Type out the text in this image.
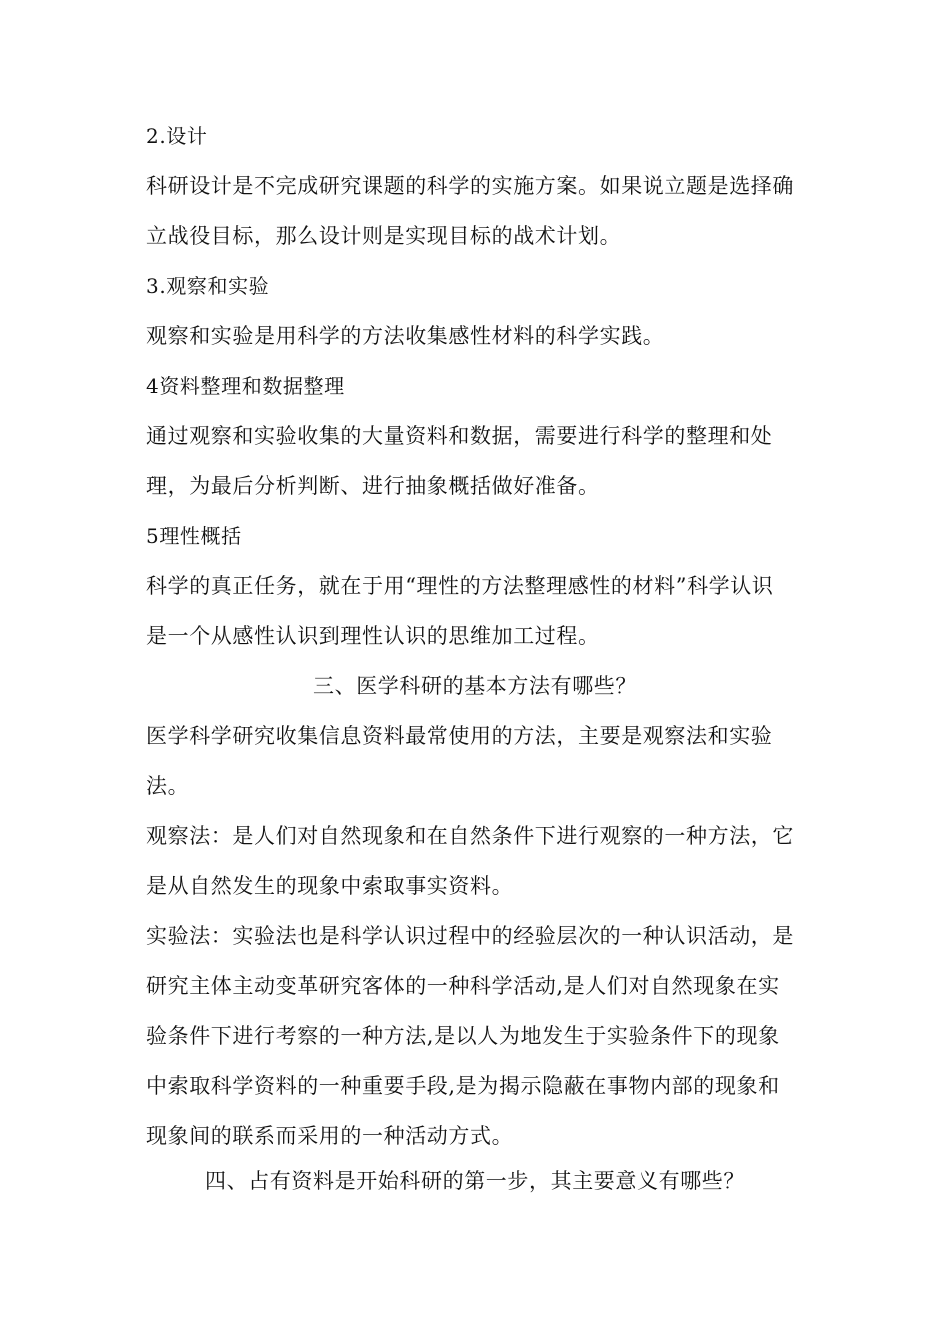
2.设计
科研设计是不完成研究课题的科学的实施方案。如果说立题是选择确
立战役目标，那么设计则是实现目标的战术计划。
3.观察和实验
观察和实验是用科学的方法收集感性材料的科学实践。
4资料整理和数据整理
通过观察和实验收集的大量资料和数据，需要进行科学的整理和处
理，为最后分析判断、进行抽象概括做好准备。
5理性概括
科学的真正任务，就在于用“理性的方法整理感性的材料”科学认识
是一个从感性认识到理性认识的思维加工过程。
三、医学科研的基本方法有哪些？
医学科学研究收集信息资料最常使用的方法，主要是观察法和实验
法。
观察法：是人们对自然现象和在自然条件下进行观察的一种方法，它
是从自然发生的现象中索取事实资料。
实验法：实验法也是科学认识过程中的经验层次的一种认识活动，是
研究主体主动变革研究客体的一种科学活动,是人们对自然现象在实
验条件下进行考察的一种方法,是以人为地发生于实验条件下的现象
中索取科学资料的一种重要手段,是为揭示隐蔽在事物内部的现象和
现象间的联系而采用的一种活动方式。
四、占有资料是开始科研的第一步，其主要意义有哪些？
